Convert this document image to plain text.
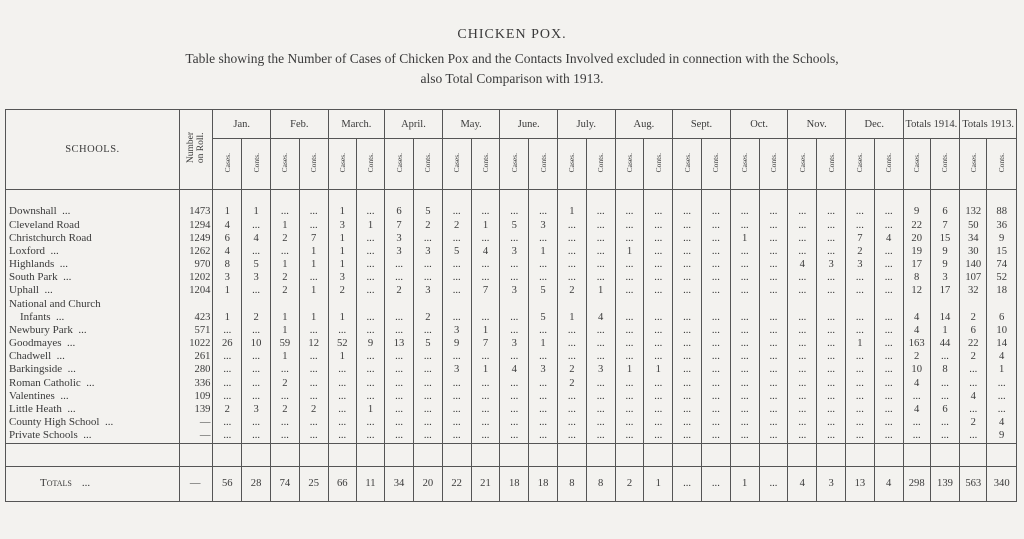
CHICKEN POX.
Table showing the Number of Cases of Chicken Pox and the Contacts Involved excluded in connection with the Schools,
also Total Comparison with 1913.
SCHOOLS.	Number
on Roll.	Jan.		Feb.		March.		April.		May.		June.		July.		Aug.		Sept.		Oct.		Nov.		Dec.		Totals 1914.		Totals 1913.	
		Cases.	Conts.	Cases.	Conts.	Cases.	Conts.	Cases.	Conts.	Cases.	Conts.	Cases.	Conts.	Cases.	Conts.	Cases.	Conts.	Cases.	Conts.	Cases.	Conts.	Cases.	Conts.	Cases.	Conts.	Cases.	Conts.	Cases.	Conts.

Downshall  ...	1473	1	1	...	...	1	...	6	5	...	...	...	...	1	...	...	...	...	...	...	...	...	...	...	...	9	6	132	88
Cleveland Road	1294	4	...	1	...	3	1	7	2	2	1	5	3	...	...	...	...	...	...	...	...	...	...	...	...	22	7	50	36
Christchurch Road	1249	6	4	2	7	1	...	3	...	...	...	...	...	...	...	...	...	...	...	1	...	...	...	7	4	20	15	34	9
Loxford  ...	1262	4	...	...	1	1	...	3	3	5	4	3	1	...	...	1	...	...	...	...	...	...	...	2	...	19	9	30	15
Highlands  ...	970	8	5	1	1	1	...	...	...	...	...	...	...	...	...	...	...	...	...	...	...	4	3	3	...	17	9	140	74
South Park  ...	1202	3	3	2	...	3	...	...	...	...	...	...	...	...	...	...	...	...	...	...	...	...	...	...	...	8	3	107	52
Uphall  ...	1204	1	...	2	1	2	...	2	3	...	7	3	5	2	1	...	...	...	...	...	...	...	...	...	...	12	17	32	18
National and Church																													
Infants  ...	423	1	2	1	1	1	...	...	2	...	...	...	5	1	4	...	...	...	...	...	...	...	...	...	...	4	14	2	6
Newbury Park  ...	571	...	...	1	...	...	...	...	...	3	1	...	...	...	...	...	...	...	...	...	...	...	...	...	...	4	1	6	10
Goodmayes  ...	1022	26	10	59	12	52	9	13	5	9	7	3	1	...	...	...	...	...	...	...	...	...	...	1	...	163	44	22	14
Chadwell  ...	261	...	...	1	...	1	...	...	...	...	...	...	...	...	...	...	...	...	...	...	...	...	...	...	...	2	...	2	4
Barkingside  ...	280	...	...	...	...	...	...	...	...	3	1	4	3	2	3	1	1	...	...	...	...	...	...	...	...	10	8	...	1
Roman Catholic  ...	336	...	...	2	...	...	...	...	...	...	...	...	...	2	...	...	...	...	...	...	...	...	...	...	...	4	...	...	...
Valentines  ...	109	...	...	...	...	...	...	...	...	...	...	...	...	...	...	...	...	...	...	...	...	...	...	...	...	...	...	4	...
Little Heath  ...	139	2	3	2	2	...	1	...	...	...	...	...	...	...	...	...	...	...	...	...	...	...	...	...	...	4	6	...	...
County High School  ...	—	...	...	...	...	...	...	...	...	...	...	...	...	...	...	...	...	...	...	...	...	...	...	...	...	...	...	2	4
Private Schools  ...	—	...	...	...	...	...	...	...	...	...	...	...	...	...	...	...	...	...	...	...	...	...	...	...	...	...	...	...	9

Totals ...	—	56	28	74	25	66	11	34	20	22	21	18	18	8	8	2	1	...	...	1	...	4	3	13	4	298	139	563	340
